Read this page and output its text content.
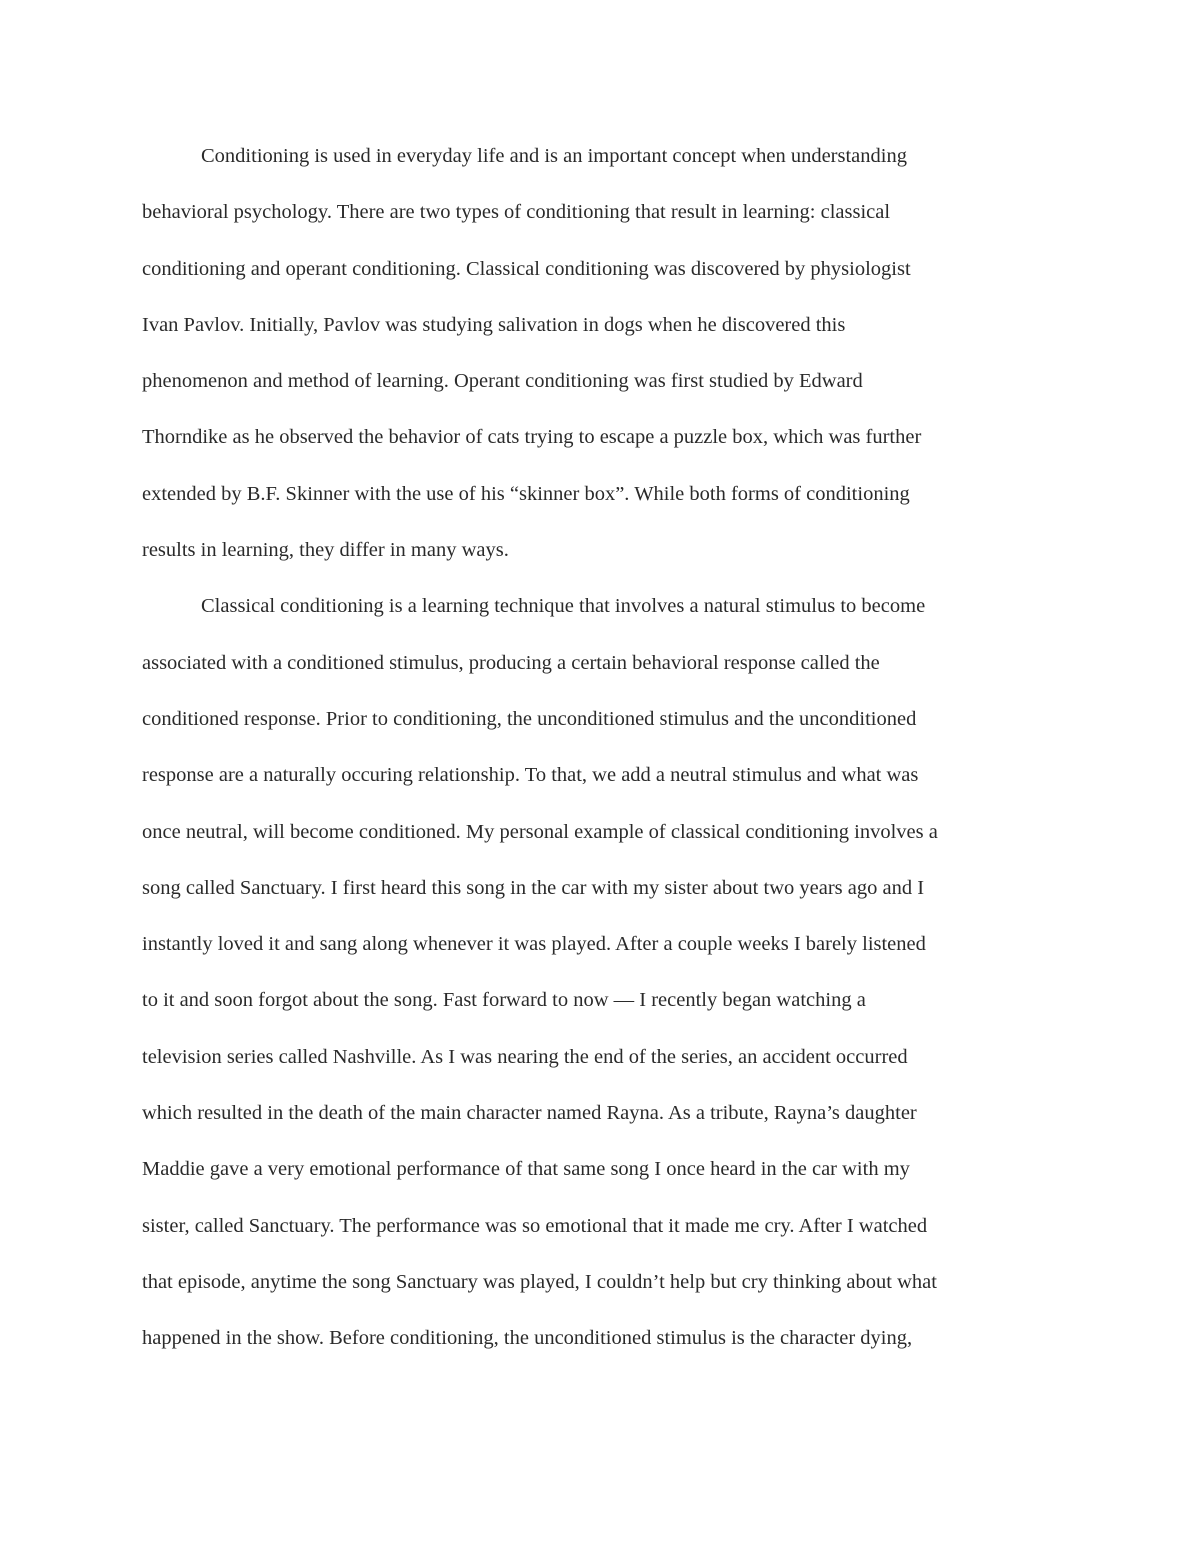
Conditioning is used in everyday life and is an important concept when understanding
behavioral psychology. There are two types of conditioning that result in learning: classical
conditioning and operant conditioning. Classical conditioning was discovered by physiologist
Ivan Pavlov. Initially, Pavlov was studying salivation in dogs when he discovered this
phenomenon and method of learning. Operant conditioning was first studied by Edward
Thorndike as he observed the behavior of cats trying to escape a puzzle box, which was further
extended by B.F. Skinner with the use of his “skinner box”. While both forms of conditioning
results in learning, they differ in many ways.
Classical conditioning is a learning technique that involves a natural stimulus to become
associated with a conditioned stimulus, producing a certain behavioral response called the
conditioned response. Prior to conditioning, the unconditioned stimulus and the unconditioned
response are a naturally occuring relationship. To that, we add a neutral stimulus and what was
once neutral, will become conditioned. My personal example of classical conditioning involves a
song called Sanctuary. I first heard this song in the car with my sister about two years ago and I
instantly loved it and sang along whenever it was played. After a couple weeks I barely listened
to it and soon forgot about the song. Fast forward to now — I recently began watching a
television series called Nashville. As I was nearing the end of the series, an accident occurred
which resulted in the death of the main character named Rayna. As a tribute, Rayna’s daughter
Maddie gave a very emotional performance of that same song I once heard in the car with my
sister, called Sanctuary. The performance was so emotional that it made me cry. After I watched
that episode, anytime the song Sanctuary was played, I couldn’t help but cry thinking about what
happened in the show. Before conditioning, the unconditioned stimulus is the character dying,
